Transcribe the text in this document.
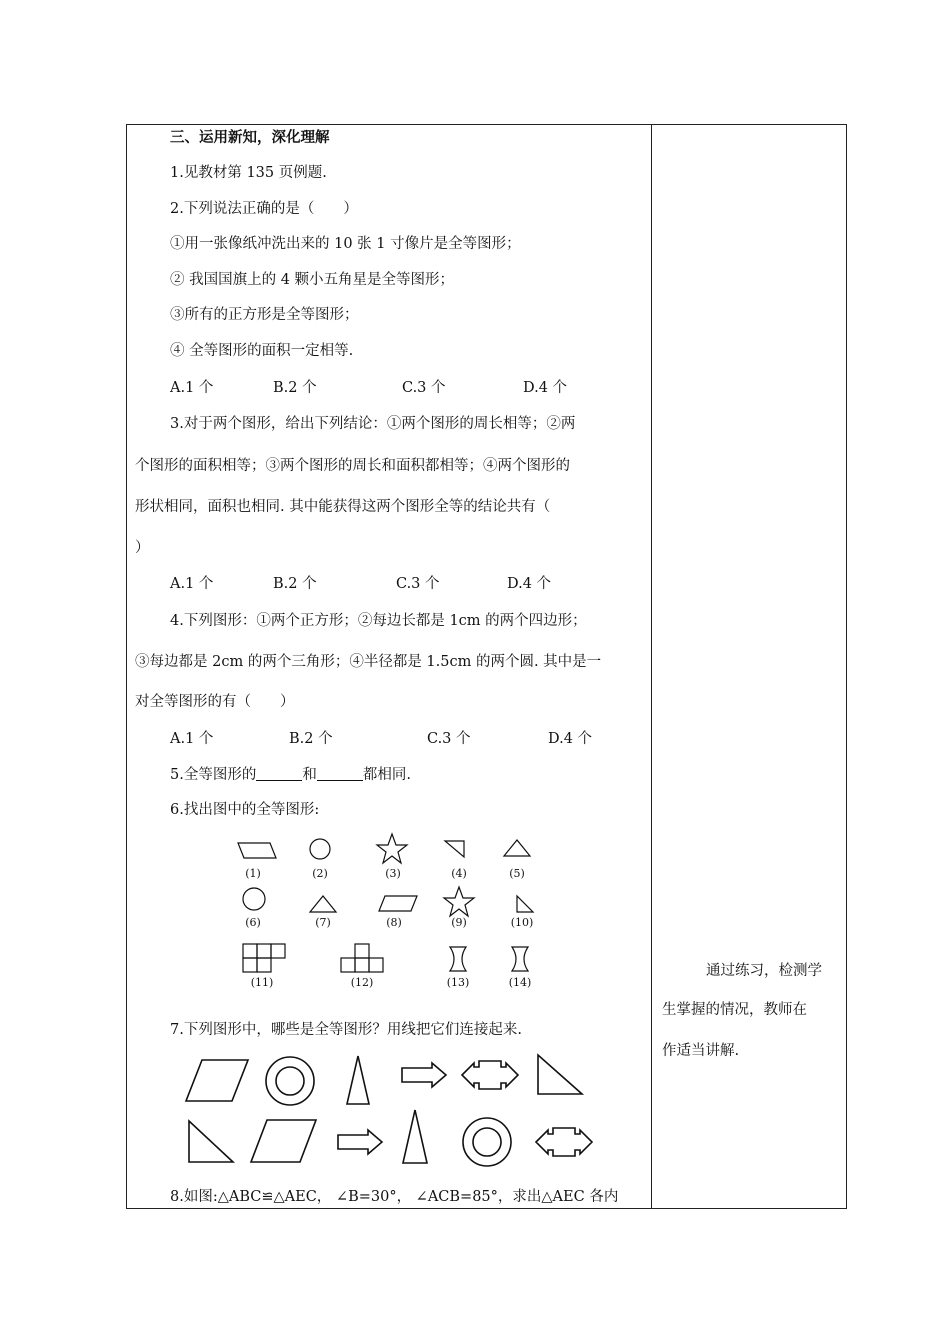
三、运用新知，深化理解
1.见教材第 135 页例题.
2.下列说法正确的是（　　）
①用一张像纸冲洗出来的 10 张 1 寸像片是全等图形；
② 我国国旗上的 4 颗小五角星是全等图形；
③所有的正方形是全等图形；
④ 全等图形的面积一定相等.
A.1 个	B.2 个	C.3 个	D.4 个
3.对于两个图形，给出下列结论：①两个图形的周长相等；②两
个图形的面积相等；③两个图形的周长和面积都相等；④两个图形的
形状相同，面积也相同. 其中能获得这两个图形全等的结论共有（
）
A.1 个	B.2 个	C.3 个	D.4 个
4.下列图形：①两个正方形；②每边长都是 1cm 的两个四边形；
③每边都是 2cm 的两个三角形；④半径都是 1.5cm 的两个圆. 其中是一
对全等图形的有（　　）
A.1 个	B.2 个	C.3 个	D.4 个
5.全等图形的	和	都相同.
6.找出图中的全等图形:
(1)	(2)	(3)	(4)	(5)
(6)	(7)	(8)	(9)	(10)
(11)	(12)	(13)	(14)
7.下列图形中，哪些是全等图形？用线把它们连接起来.
8.如图:△ABC≌△AEC， ∠B=30°， ∠ACB=85°，求出△AEC 各内
通过练习，检测学
生掌握的情况，教师在
作适当讲解.
